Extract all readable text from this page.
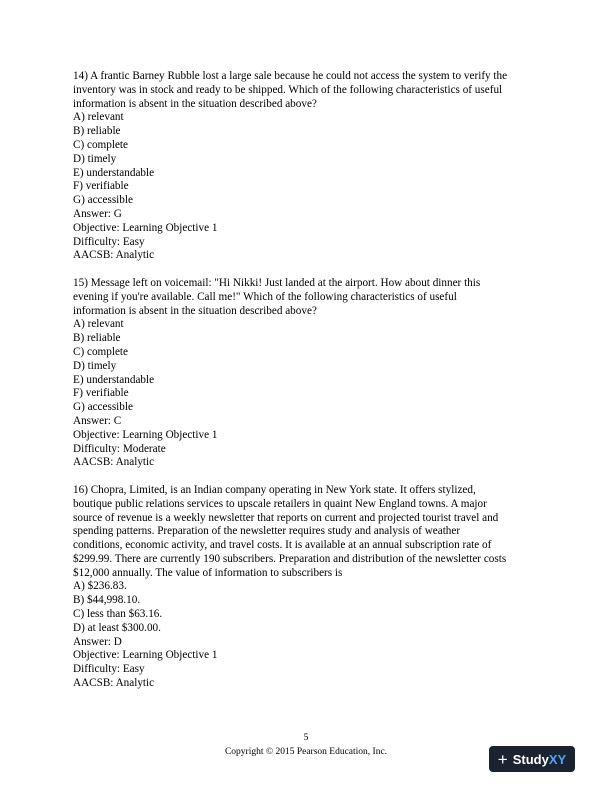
14) A frantic Barney Rubble lost a large sale because he could not access the system to verify the
inventory was in stock and ready to be shipped. Which of the following characteristics of useful
information is absent in the situation described above?
A) relevant
B) reliable
C) complete
D) timely
E) understandable
F) verifiable
G) accessible
Answer: G
Objective: Learning Objective 1
Difficulty: Easy
AACSB: Analytic
15) Message left on voicemail: "Hi Nikki! Just landed at the airport. How about dinner this
evening if you're available. Call me!" Which of the following characteristics of useful
information is absent in the situation described above?
A) relevant
B) reliable
C) complete
D) timely
E) understandable
F) verifiable
G) accessible
Answer: C
Objective: Learning Objective 1
Difficulty: Moderate
AACSB: Analytic
16) Chopra, Limited, is an Indian company operating in New York state. It offers stylized,
boutique public relations services to upscale retailers in quaint New England towns. A major
source of revenue is a weekly newsletter that reports on current and projected tourist travel and
spending patterns. Preparation of the newsletter requires study and analysis of weather
conditions, economic activity, and travel costs. It is available at an annual subscription rate of
$299.99. There are currently 190 subscribers. Preparation and distribution of the newsletter costs
$12,000 annually. The value of information to subscribers is
A) $236.83.
B) $44,998.10.
C) less than $63.16.
D) at least $300.00.
Answer: D
Objective: Learning Objective 1
Difficulty: Easy
AACSB: Analytic
5
Copyright © 2015 Pearson Education, Inc.	+ Study XY
